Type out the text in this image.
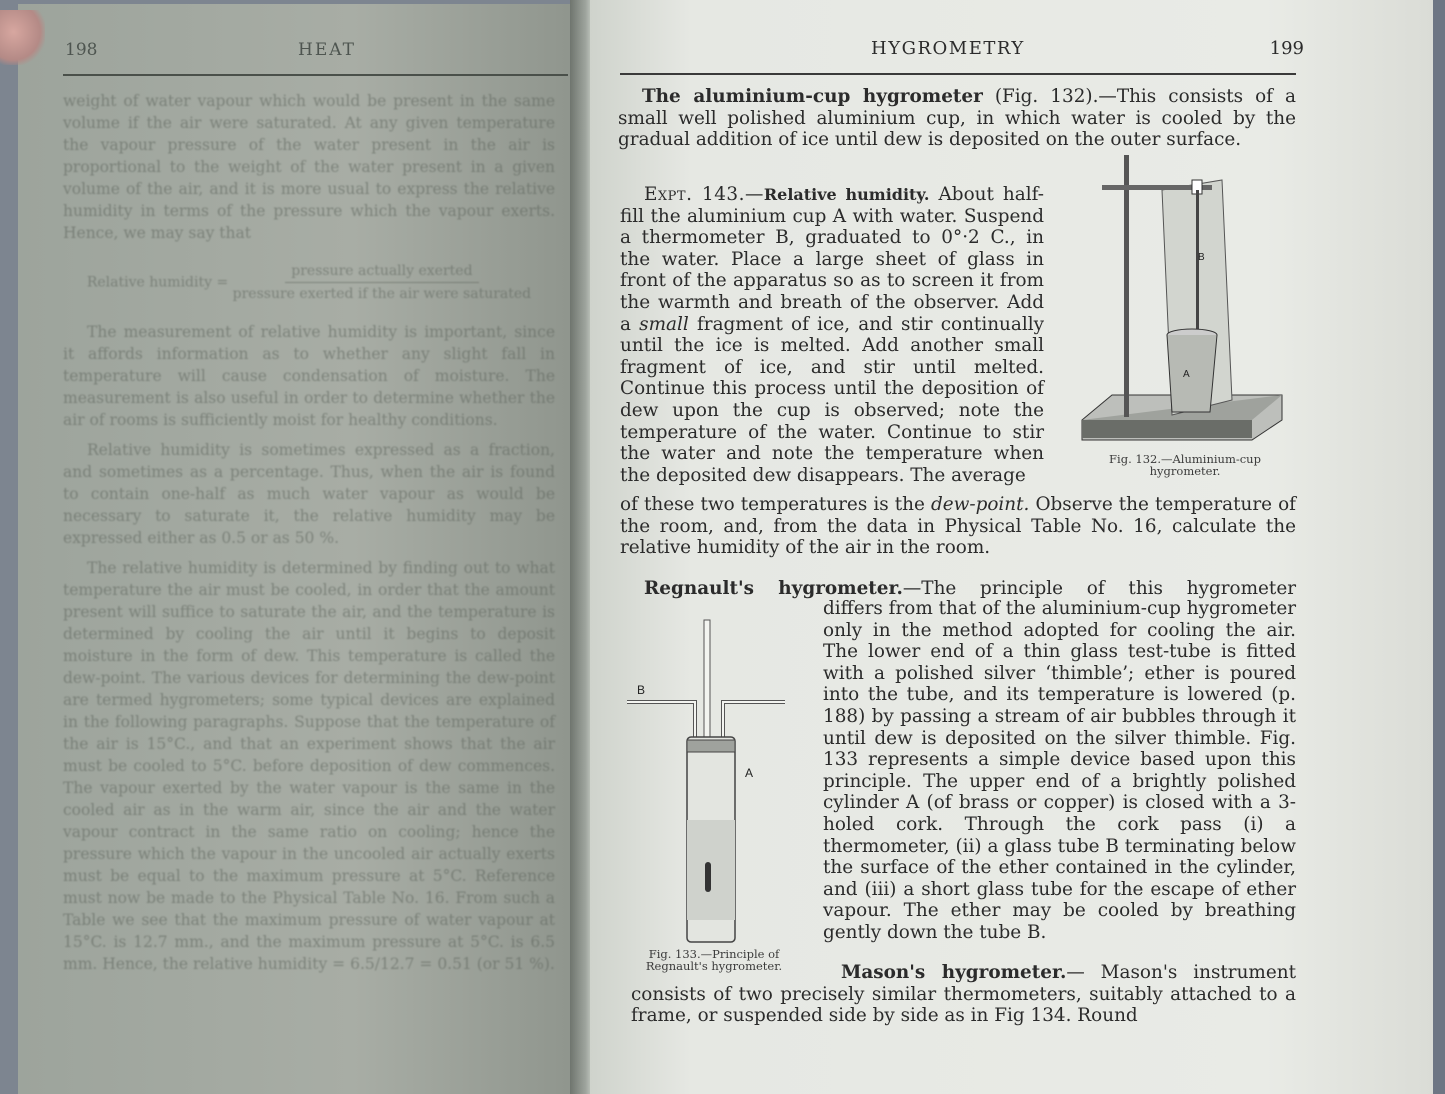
198	HEAT

weight of water vapour which would be present in the same volume if the air were saturated. At any given temperature the vapour pressure of the water present in the air is proportional to the weight of the water present in a given volume of the air, and it is more usual to express the relative humidity in terms of the pressure which the vapour exerts. Hence, we may say that

Relative humidity = pressure actually exerted
pressure exerted if the air were saturated

The measurement of relative humidity is important, since it affords information as to whether any slight fall in temperature will cause condensation of moisture. The measurement is also useful in order to determine whether the air of rooms is sufficiently moist for healthy conditions.

Relative humidity is sometimes expressed as a fraction, and sometimes as a percentage. Thus, when the air is found to contain one-half as much water vapour as would be necessary to saturate it, the relative humidity may be expressed either as 0.5 or as 50 %.

The relative humidity is determined by finding out to what temperature the air must be cooled, in order that the amount present will suffice to saturate the air, and the temperature is determined by cooling the air until it begins to deposit moisture in the form of dew. This temperature is called the dew-point. The various devices for determining the dew-point are termed hygrometers; some typical devices are explained in the following paragraphs. Suppose that the temperature of the air is 15°C., and that an experiment shows that the air must be cooled to 5°C. before deposition of dew commences. The vapour exerted by the water vapour is the same in the cooled air as in the warm air, since the air and the water vapour contract in the same ratio on cooling; hence the pressure which the vapour in the uncooled air actually exerts must be equal to the maximum pressure at 5°C. Reference must now be made to the Physical Table No. 16. From such a Table we see that the maximum pressure of water vapour at 15°C. is 12.7 mm., and the maximum pressure at 5°C. is 6.5 mm. Hence, the relative humidity = 6.5/12.7 = 0.51 (or 51 %).

HYGROMETRY	199
The aluminium-cup hygrometer (Fig. 132).—This consists of a small well polished aluminium cup, in which water is cooled by the gradual addition of ice until dew is deposited on the outer surface.
Expt. 143.—Relative humidity. About half-fill the aluminium cup A with water. Suspend a thermometer B, graduated to 0°·2 C., in the water. Place a large sheet of glass in front of the apparatus so as to screen it from the warmth and breath of the observer. Add a small fragment of ice, and stir continually until the ice is melted. Add another small fragment of ice, and stir until melted. Continue this process until the deposition of dew upon the cup is observed; note the temperature of the water. Continue to stir the water and note the temperature when the deposited dew disappears. The average
of these two temperatures is the dew-point. Observe the temperature of the room, and, from the data in Physical Table No. 16, calculate the relative humidity of the air in the room.
Regnault's hygrometer.—The principle of this hygrometer
differs from that of the aluminium-cup hygrometer only in the method adopted for cooling the air. The lower end of a thin glass test-tube is fitted with a polished silver ‘thimble’; ether is poured into the tube, and its temperature is lowered (p. 188) by passing a stream of air bubbles through it until dew is deposited on the silver thimble. Fig. 133 represents a simple device based upon this principle. The upper end of a brightly polished cylinder A (of brass or copper) is closed with a 3-holed cork. Through the cork pass (i) a thermometer, (ii) a glass tube B terminating below the surface of the ether contained in the cylinder, and (iii) a short glass tube for the escape of ether vapour. The ether may be cooled by breathing gently down the tube B.
Mason's hygrometer.— Mason's instrument consists of two precisely similar thermometers, suitably attached to a frame, or suspended side by side as in Fig 134. Round
B
A
Fig. 132.—Aluminium-cup hygrometer.
B
A
Fig. 133.—Principle of Regnault's hygrometer.
